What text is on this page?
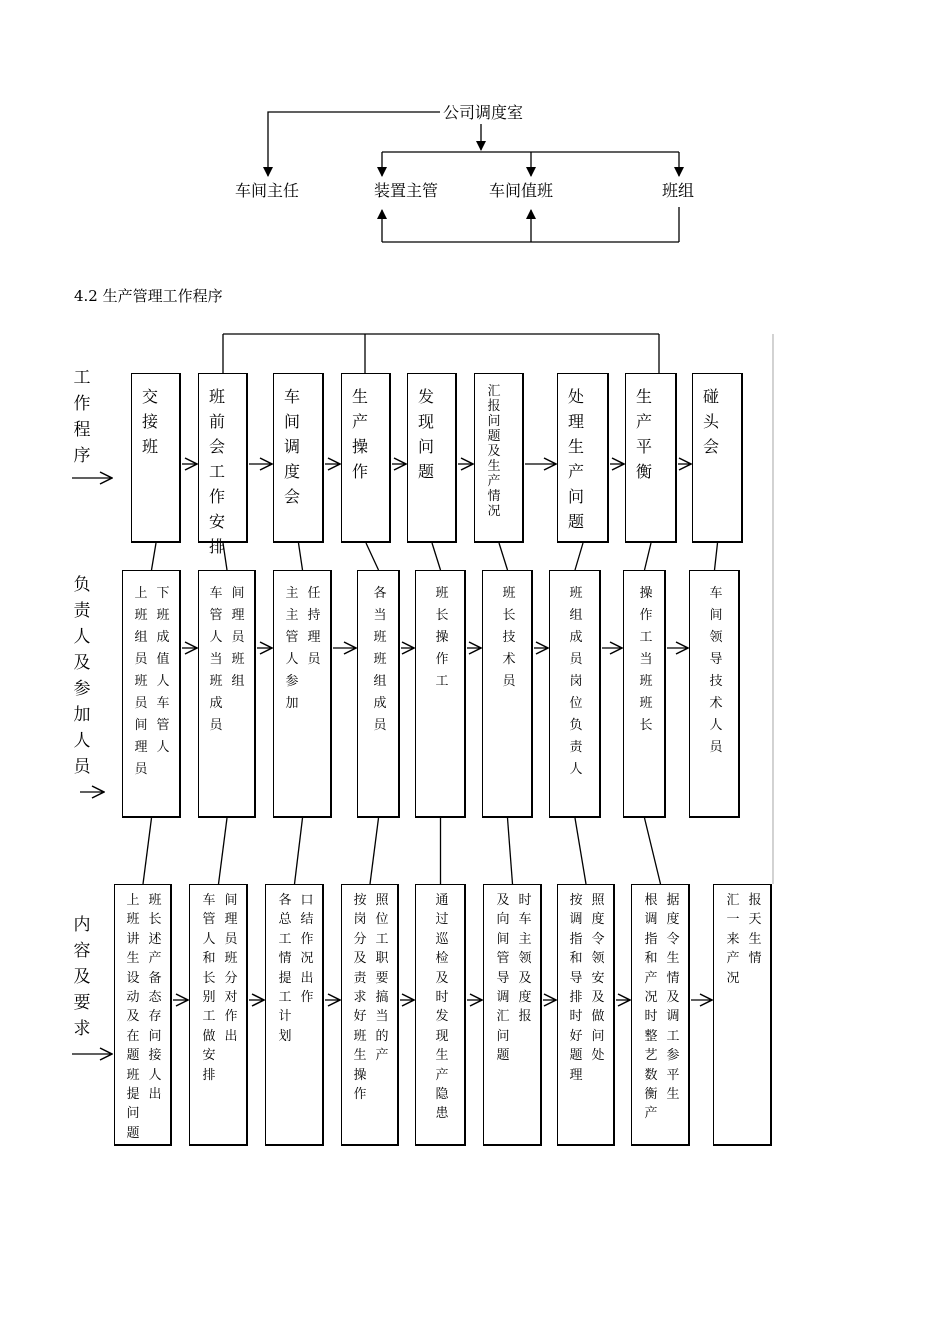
公司调度室
车间主任	装置主管	车间值班	班组
4.2 生产管理工作程序
工作程序
负责人及参加人员
内容及要求
交接班
班前会工作安排
车间调度会
生产操作
发现问题
汇报问题及生产情况
处理生产问题
生产平衡
碰头会
上班组员班员间理员
下班成值人车管人
车管人当班成员
间理员班组
主主管人参加
任持理员
各当班班组成员
班长操作工
班长技术员
班组成员岗位负责人
操作工当班班长
车间领导技术人员
上班讲生设动及在题班提问题
班长述产备态存问接人出
车管人和长别工做安排
间理员班分对作出
各总工情提工计划
口结作况出作
按岗分及责求好班生操作
照位工职要搞当的产
通过巡检及时发现生产隐患
及向间管导调汇问题
时车主领及度报
按调指和导排时好题理
照度令领安及做问处
根调指和产况时整艺数衡产
据度令生情及调工参平生
汇一来产况
报天生情
